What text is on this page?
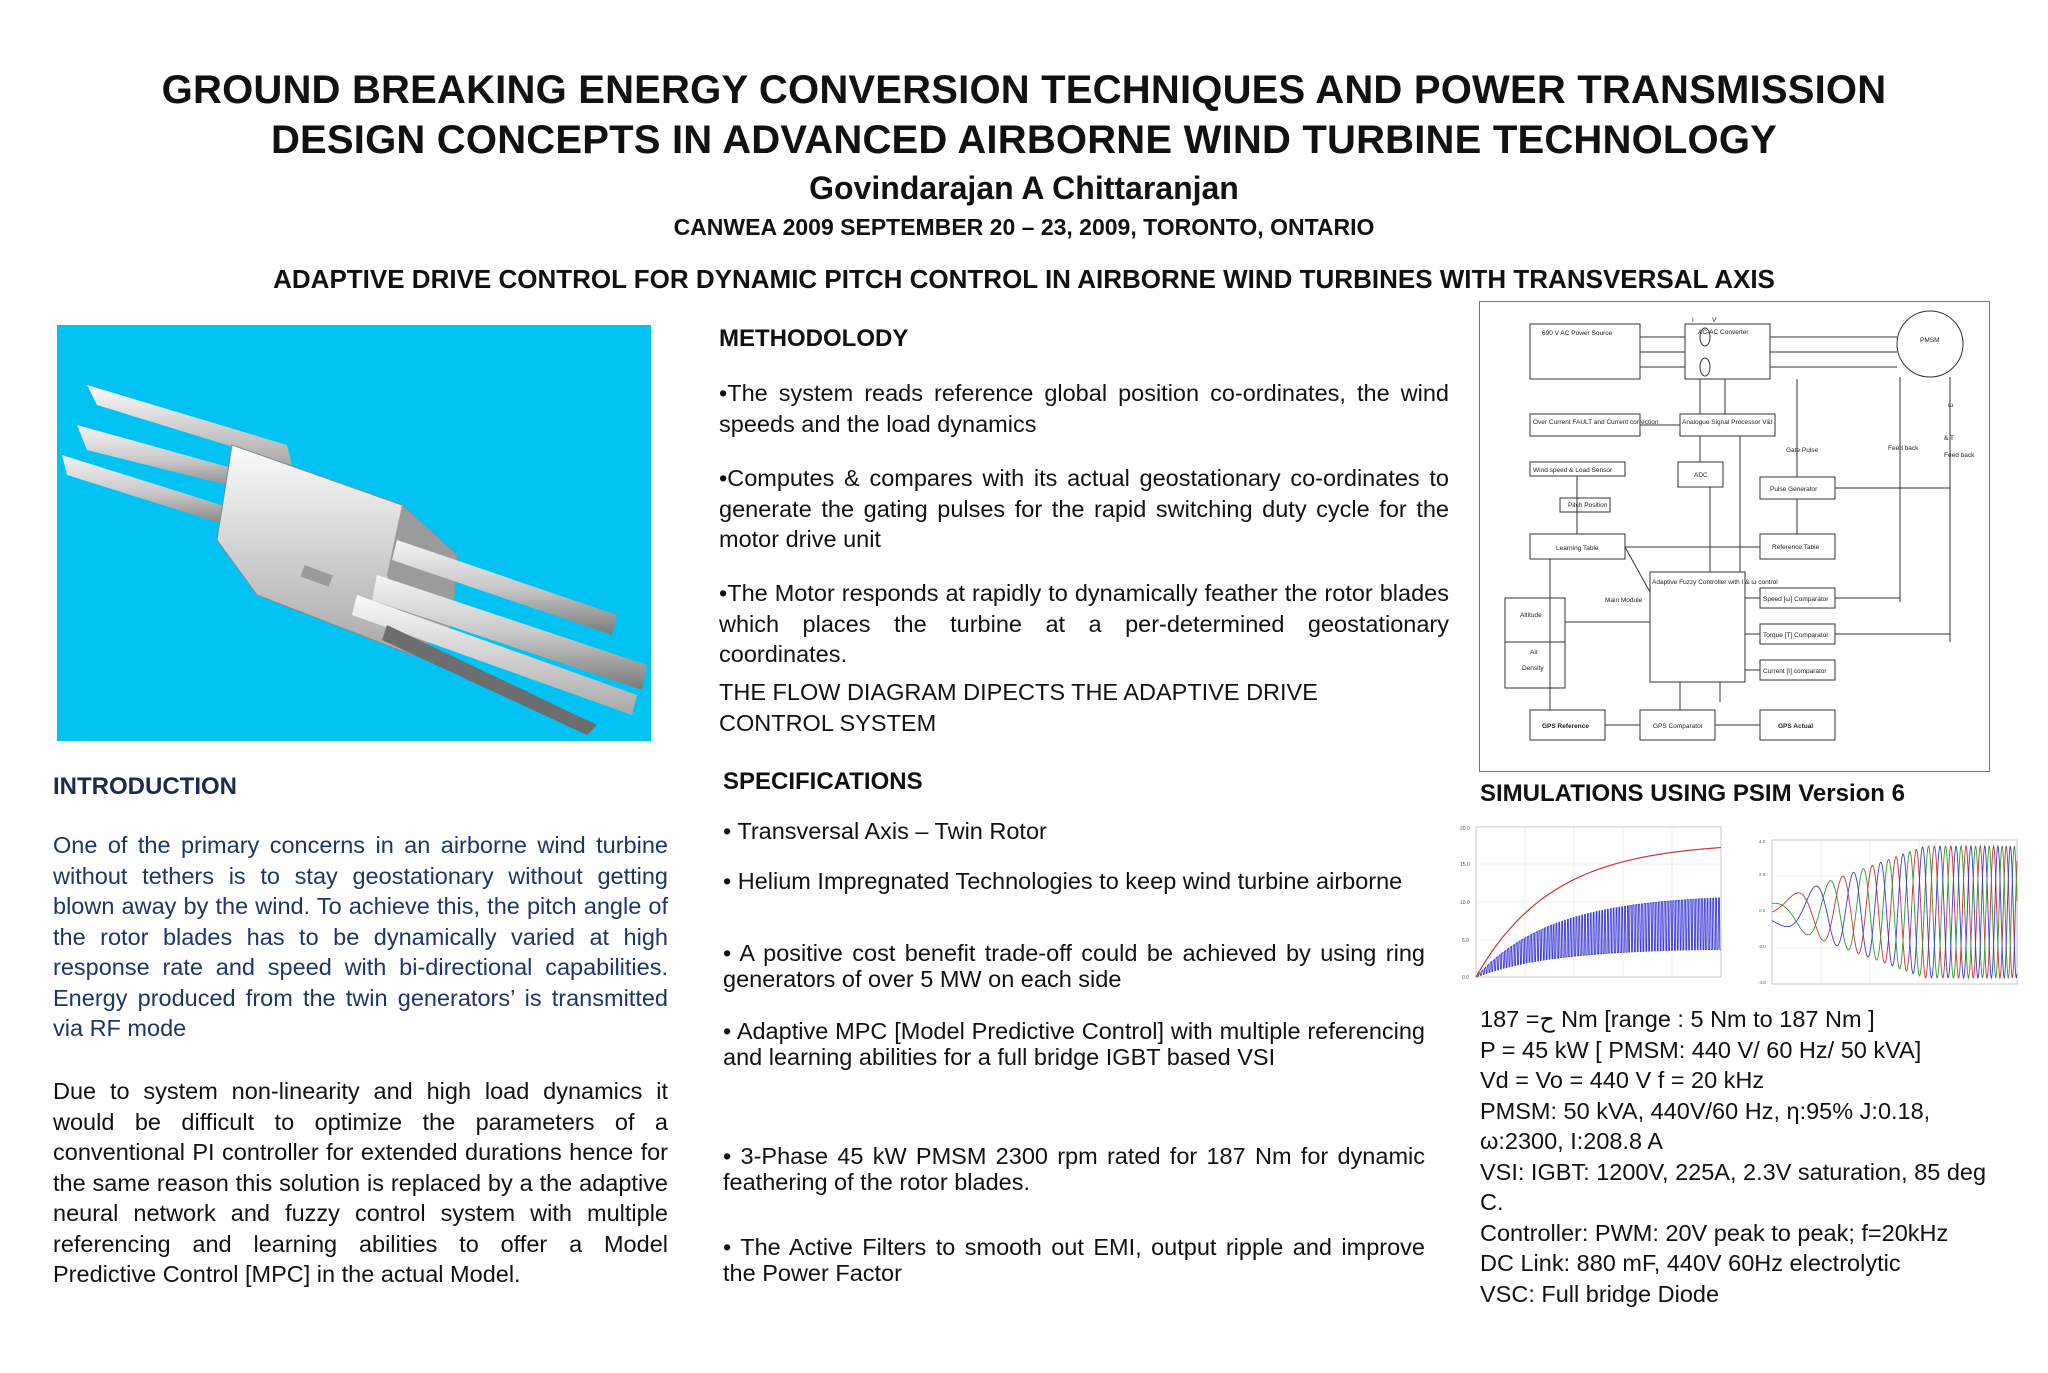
GROUND BREAKING ENERGY CONVERSION TECHNIQUES AND POWER TRANSMISSION
DESIGN CONCEPTS IN ADVANCED AIRBORNE WIND TURBINE TECHNOLOGY
Govindarajan A Chittaranjan
CANWEA 2009 SEPTEMBER 20 – 23, 2009, TORONTO, ONTARIO
ADAPTIVE DRIVE CONTROL FOR DYNAMIC PITCH CONTROL IN AIRBORNE WIND TURBINES WITH TRANSVERSAL AXIS
INTRODUCTION
One of the primary concerns in an airborne wind turbine without tethers is to stay geostationary without getting blown away by the wind. To achieve this, the pitch angle of the rotor blades has to be dynamically varied at high response rate and speed with bi-directional capabilities. Energy produced from the twin generators’ is transmitted via RF mode
Due to system non-linearity and high load dynamics it would be difficult to optimize the parameters of a conventional PI controller for extended durations hence for the same reason this solution is replaced by a the adaptive neural network and fuzzy control system with multiple referencing and learning abilities to offer a Model Predictive Control [MPC] in the actual Model.
METHODOLODY
•The system reads reference global position co-ordinates, the wind speeds and the load dynamics
•Computes & compares with its actual geostationary co-ordinates to generate the gating pulses for the rapid switching duty cycle for the motor drive unit
•The Motor responds at rapidly to dynamically feather the rotor blades which places the turbine at a per-determined geostationary coordinates.
THE FLOW DIAGRAM DIPECTS THE ADAPTIVE DRIVE CONTROL SYSTEM
SPECIFICATIONS
• Transversal Axis – Twin Rotor
• Helium Impregnated Technologies to keep wind turbine airborne
• A positive cost benefit trade-off could be achieved by using ring generators of over 5 MW on each side
• Adaptive MPC [Model Predictive Control] with multiple referencing and learning abilities for a full bridge IGBT based VSI
• 3-Phase 45 kW PMSM 2300 rpm rated for 187 Nm for dynamic feathering of the rotor blades.
• The Active Filters to smooth out EMI, output ripple and improve the Power Factor
690 V AC Power Source	AC-AC Converter
PMSM
Over Current FAULT and Current correction	Analogue Signal Processor V&I
ADC
Gate Pulse
Pulse Generator
Wind speed & Load Sensor
Pitch Position
Learning Table	Reference Table
Adaptive Fuzzy Controller with I & ω control
Main Module
Altitude
Air
Density
Speed [ω] Comparator
Torque [T] Comparator
Current [I] comparator
GPS Reference	GPS Comparator	GPS Actual
Feed back
& T
Feed back
I	V
ω
SIMULATIONS USING PSIM Version 6
20.0
15.0
10.0
5.0
0.0
4.0
2.0
0.0
-2.0
-4.0
ح= 187 Nm [range : 5 Nm to 187 Nm ]
P = 45 kW [ PMSM: 440 V/ 60 Hz/ 50 kVA]
Vd = Vo = 440 V f = 20 kHz
PMSM: 50 kVA, 440V/60 Hz, η:95% J:0.18, ω:2300, I:208.8 A
VSI: IGBT: 1200V, 225A, 2.3V saturation, 85 deg C.
Controller: PWM: 20V peak to peak; f=20kHz
DC Link: 880 mF, 440V 60Hz electrolytic
VSC: Full bridge Diode
